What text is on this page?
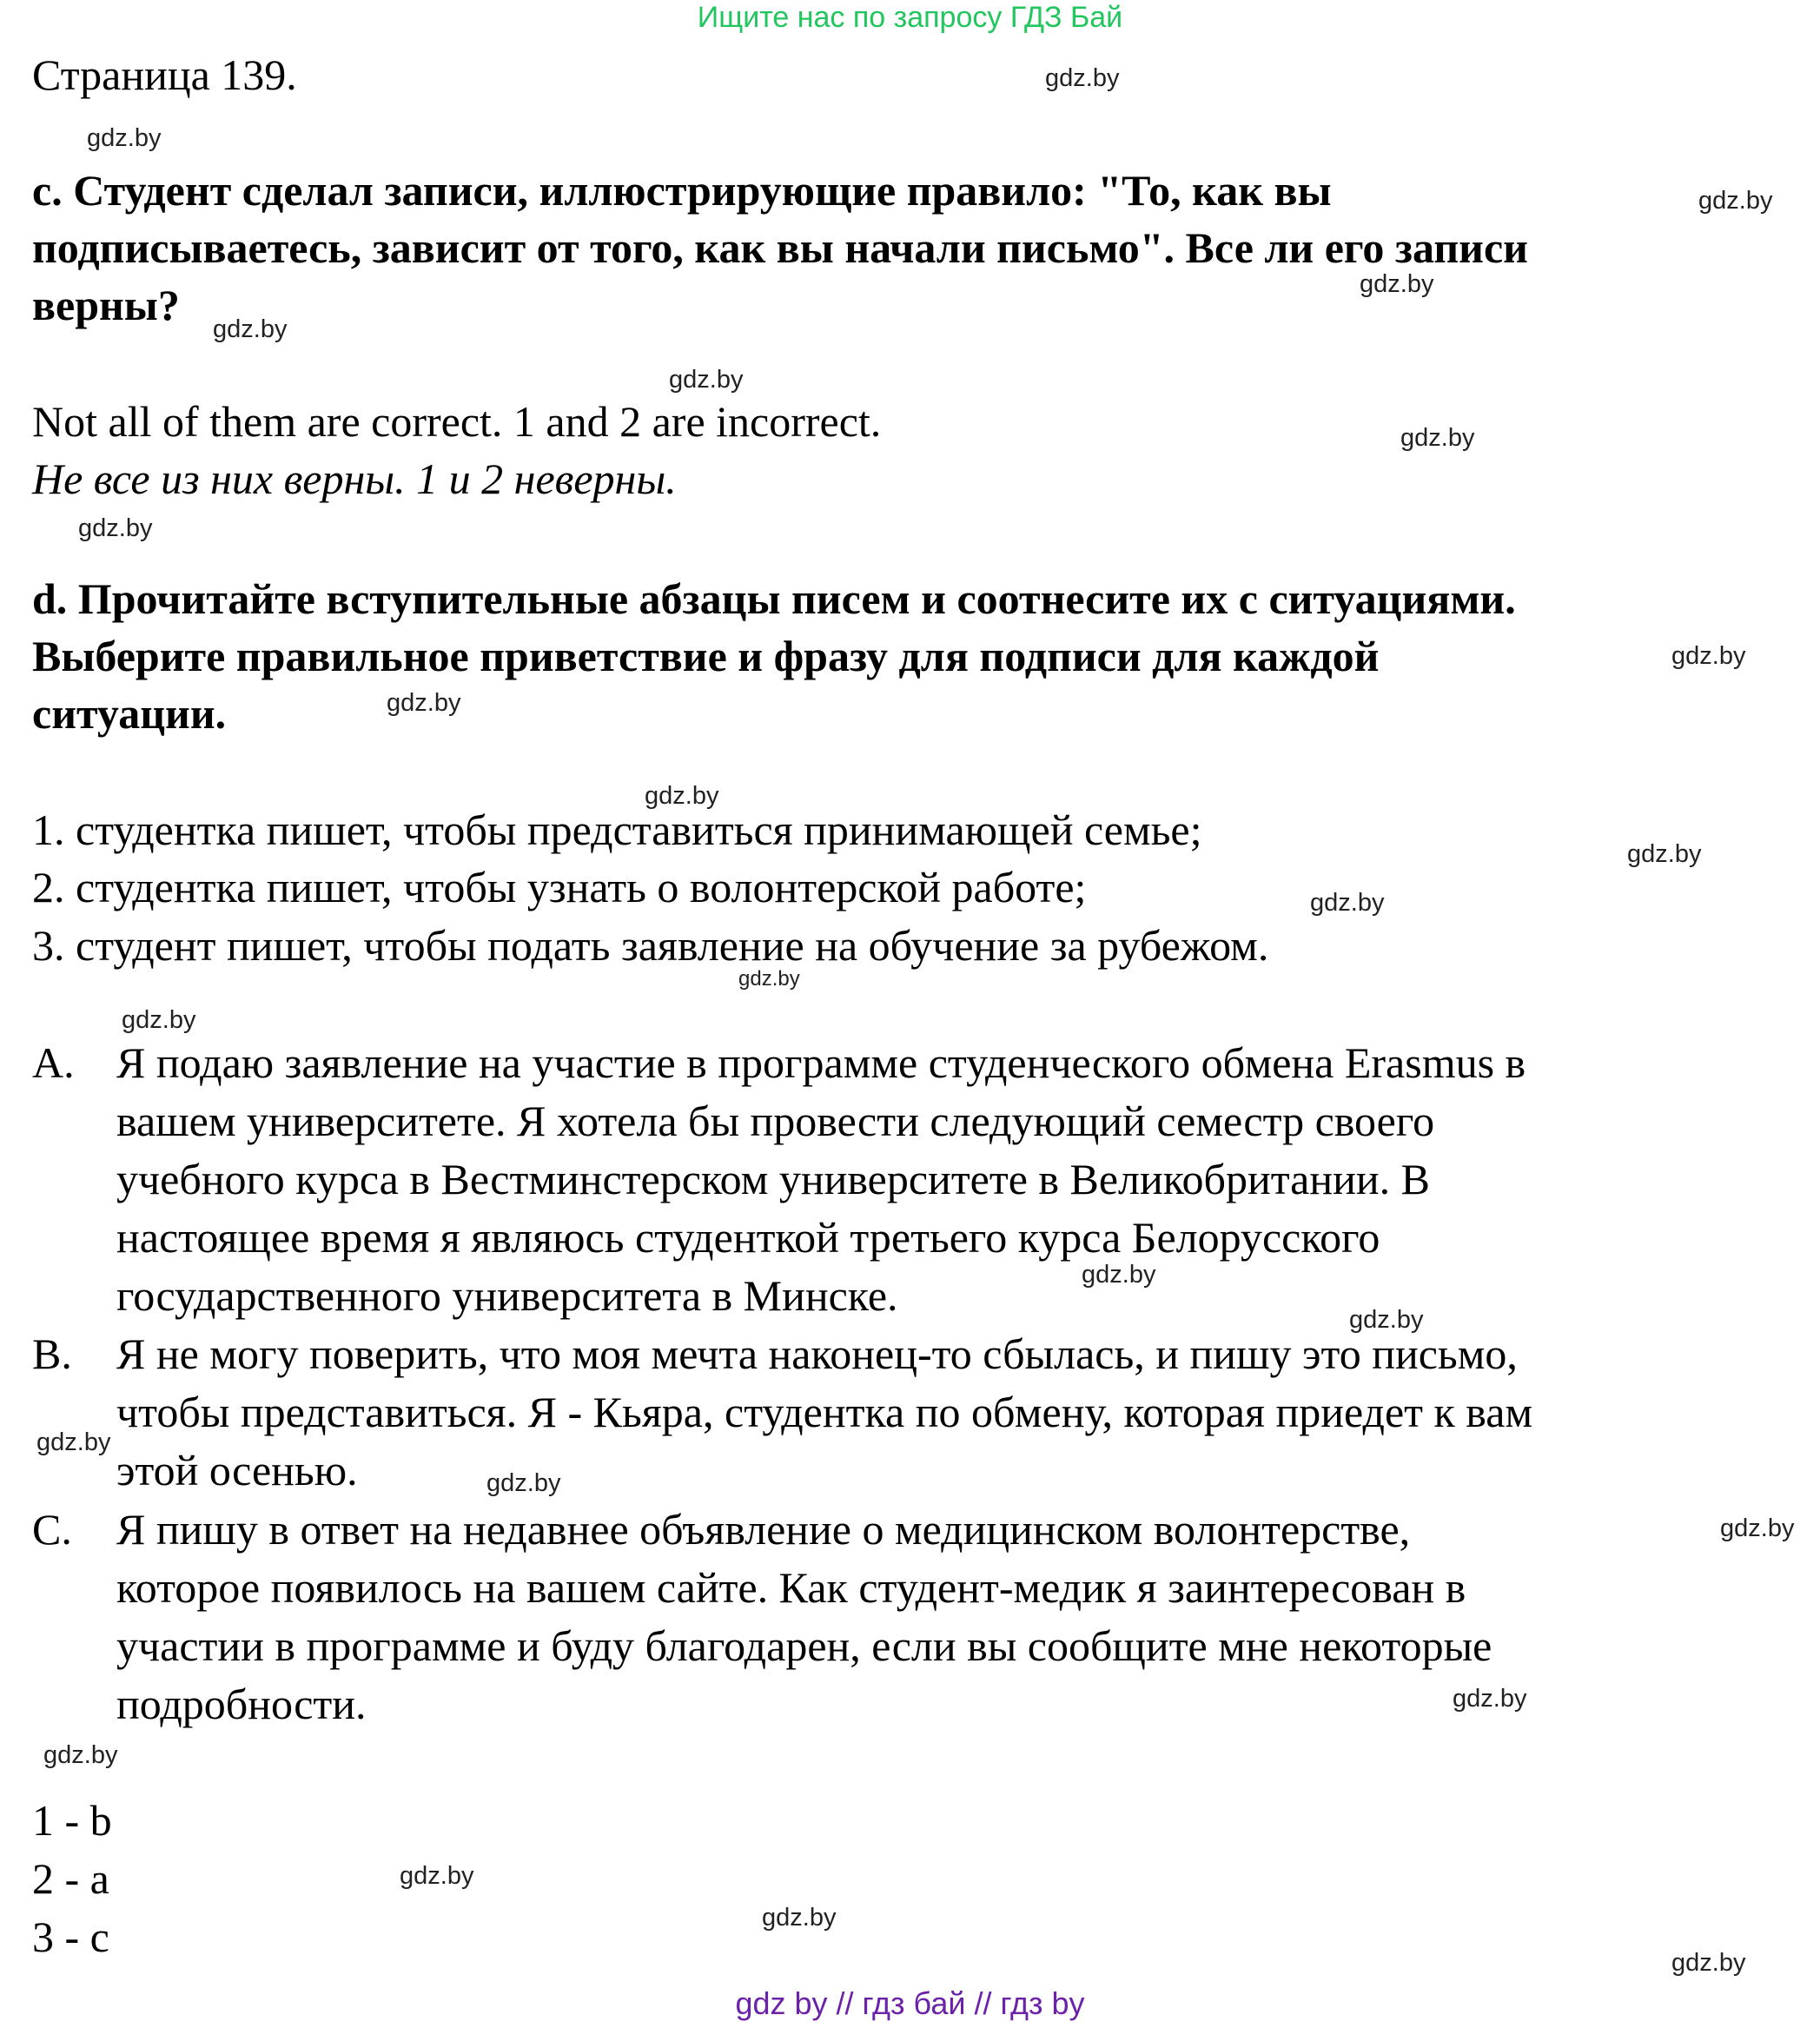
Ищите нас по запросу ГДЗ Бай
Страница 139.
c. Студент сделал записи, иллюстрирующие правило: "То, как вы
подписываетесь, зависит от того, как вы начали письмо". Все ли его записи
верны?
Not all of them are correct. 1 and 2 are incorrect.
Не все из них верны. 1 и 2 неверны.
d. Прочитайте вступительные абзацы писем и соотнесите их с ситуациями.
Выберите правильное приветствие и фразу для подписи для каждой
ситуации.
1. студентка пишет, чтобы представиться принимающей семье;
2. студентка пишет, чтобы узнать о волонтерской работе;
3. студент пишет, чтобы подать заявление на обучение за рубежом.
A. Я подаю заявление на участие в программе студенческого обмена Erasmus в
вашем университете. Я хотела бы провести следующий семестр своего
учебного курса в Вестминстерском университете в Великобритании. В
настоящее время я являюсь студенткой третьего курса Белорусского
государственного университета в Минске.
B. Я не могу поверить, что моя мечта наконец-то сбылась, и пишу это письмо,
чтобы представиться. Я - Кьяра, студентка по обмену, которая приедет к вам
этой осенью.
C. Я пишу в ответ на недавнее объявление о медицинском волонтерстве,
которое появилось на вашем сайте. Как студент-медик я заинтересован в
участии в программе и буду благодарен, если вы сообщите мне некоторые
подробности.
1 - b
2 - a
3 - c
gdz.by
gdz.by
gdz.by
gdz.by
gdz.by
gdz.by
gdz.by
gdz.by
gdz.by
gdz.by
gdz.by
gdz.by
gdz.by
gdz.by
gdz.by
gdz.by
gdz.by
gdz.by
gdz.by
gdz.by
gdz.by
gdz.by
gdz.by
gdz.by
gdz.by
gdz by // гдз бай // гдз by
